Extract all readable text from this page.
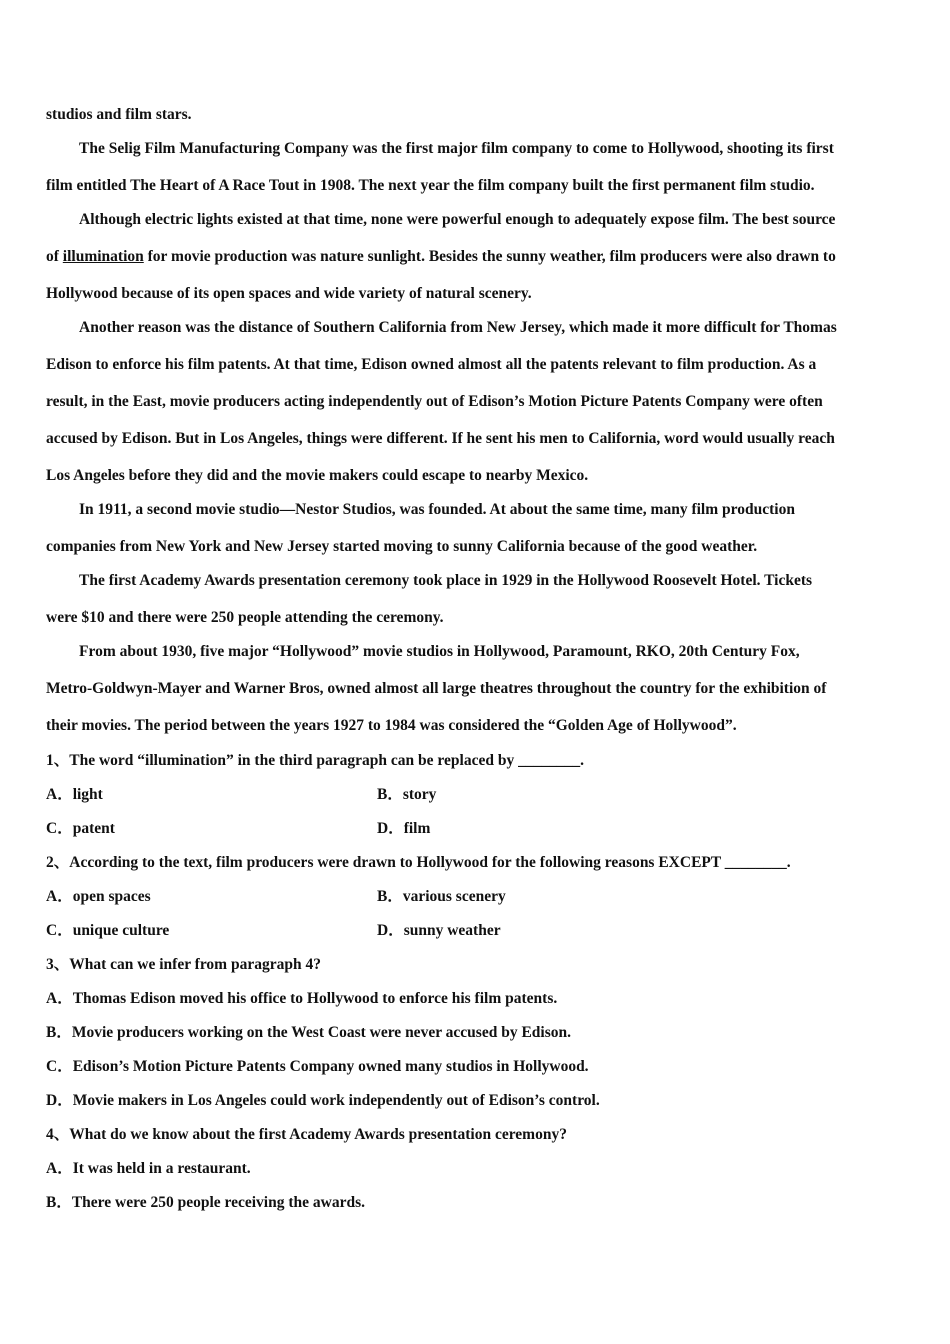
studios and film stars.
The Selig Film Manufacturing Company was the first major film company to come to Hollywood, shooting its first
film entitled The Heart of A Race Tout in 1908. The next year the film company built the first permanent film studio.
Although electric lights existed at that time, none were powerful enough to adequately expose film. The best source
of illumination for movie production was nature sunlight. Besides the sunny weather, film producers were also drawn to
Hollywood because of its open spaces and wide variety of natural scenery.
Another reason was the distance of Southern California from New Jersey, which made it more difficult for Thomas
Edison to enforce his film patents. At that time, Edison owned almost all the patents relevant to film production. As a
result, in the East, movie producers acting independently out of Edison’s Motion Picture Patents Company were often
accused by Edison. But in Los Angeles, things were different. If he sent his men to California, word would usually reach
Los Angeles before they did and the movie makers could escape to nearby Mexico.
In 1911, a second movie studio—Nestor Studios, was founded. At about the same time, many film production
companies from New York and New Jersey started moving to sunny California because of the good weather.
The first Academy Awards presentation ceremony took place in 1929 in the Hollywood Roosevelt Hotel. Tickets
were $10 and there were 250 people attending the ceremony.
From about 1930, five major “Hollywood” movie studios in Hollywood, Paramount, RKO, 20th Century Fox,
Metro-Goldwyn-Mayer and Warner Bros, owned almost all large theatres throughout the country for the exhibition of
their movies. The period between the years 1927 to 1984 was considered the “Golden Age of Hollywood”.
1、The word “illumination” in the third paragraph can be replaced by ________.
A．light	B．story
C．patent	D．film
2、According to the text, film producers were drawn to Hollywood for the following reasons EXCEPT ________.
A．open spaces	B．various scenery
C．unique culture	D．sunny weather
3、What can we infer from paragraph 4?
A．Thomas Edison moved his office to Hollywood to enforce his film patents.
B．Movie producers working on the West Coast were never accused by Edison.
C．Edison’s Motion Picture Patents Company owned many studios in Hollywood.
D．Movie makers in Los Angeles could work independently out of Edison’s control.
4、What do we know about the first Academy Awards presentation ceremony?
A．It was held in a restaurant.
B．There were 250 people receiving the awards.
